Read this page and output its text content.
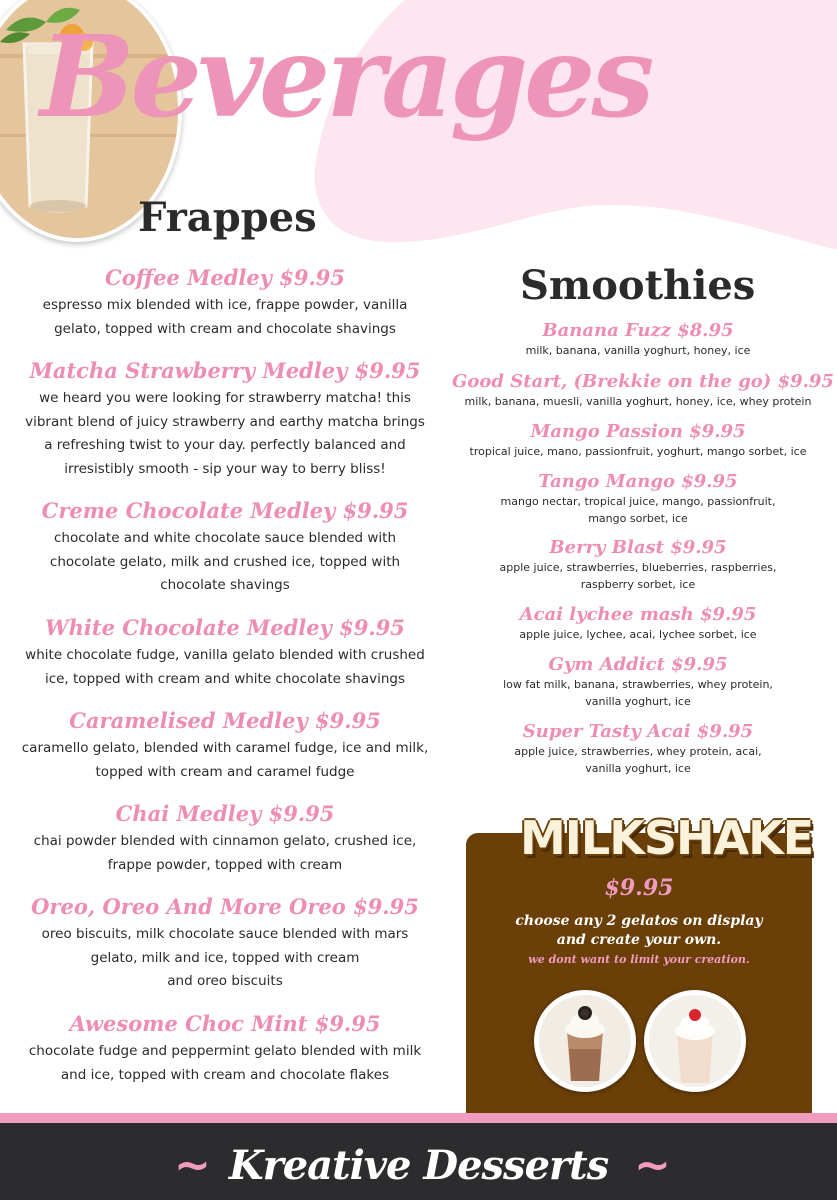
Beverages
Frappes
Smoothies

Coffee Medley $9.95

espresso mix blended with ice, frappe powder, vanilla
gelato, topped with cream and chocolate shavings

Matcha Strawberry Medley $9.95

we heard you were looking for strawberry matcha! this
vibrant blend of juicy strawberry and earthy matcha brings
a refreshing twist to your day. perfectly balanced and
irresistibly smooth - sip your way to berry bliss!

Creme Chocolate Medley $9.95

chocolate and white chocolate sauce blended with
chocolate gelato, milk and crushed ice, topped with
chocolate shavings

White Chocolate Medley $9.95

white chocolate fudge, vanilla gelato blended with crushed
ice, topped with cream and white chocolate shavings

Caramelised Medley $9.95

caramello gelato, blended with caramel fudge, ice and milk,
topped with cream and caramel fudge

Chai Medley $9.95

chai powder blended with cinnamon gelato, crushed ice,
frappe powder, topped with cream

Oreo, Oreo And More Oreo $9.95

oreo biscuits, milk chocolate sauce blended with mars
gelato, milk and ice, topped with cream
and oreo biscuits

Awesome Choc Mint $9.95

chocolate fudge and peppermint gelato blended with milk
and ice, topped with cream and chocolate flakes

Banana Fuzz $8.95

milk, banana, vanilla yoghurt, honey, ice

Good Start, (Brekkie on the go) $9.95

milk, banana, muesli, vanilla yoghurt, honey, ice, whey protein

Mango Passion $9.95

tropical juice, mano, passionfruit, yoghurt, mango sorbet, ice

Tango Mango $9.95

mango nectar, tropical juice, mango, passionfruit,
mango sorbet, ice

Berry Blast $9.95

apple juice, strawberries, blueberries, raspberries,
raspberry sorbet, ice

Acai lychee mash $9.95

apple juice, lychee, acai, lychee sorbet, ice

Gym Addict $9.95

low fat milk, banana, strawberries, whey protein,
vanilla yoghurt, ice

Super Tasty Acai $9.95

apple juice, strawberries, whey protein, acai,
vanilla yoghurt, ice

MILKSHAKE

$9.95

choose any 2 gelatos on display
and create your own.

we dont want to limit your creation.

~ Kreative Desserts ~
